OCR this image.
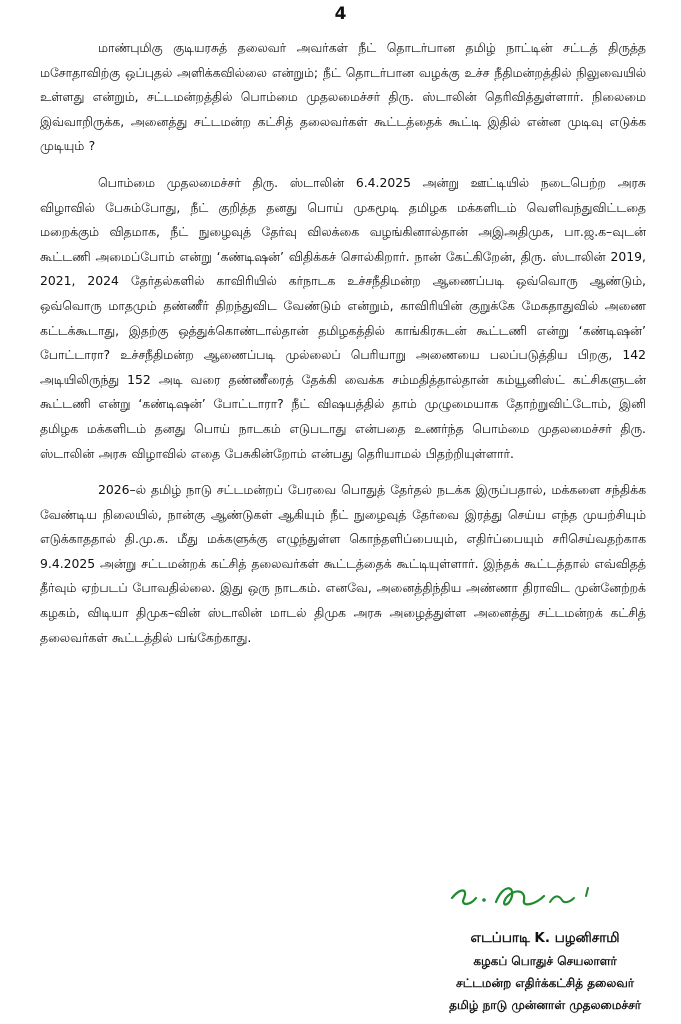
4

மாண்புமிகு குடியரசுத் தலைவர் அவர்கள் நீட் தொடர்பான தமிழ் நாட்டின் சட்டத் திருத்த மசோதாவிற்கு ஒப்புதல் அளிக்கவில்லை என்றும்; நீட் தொடர்பான வழக்கு உச்ச நீதிமன்றத்தில் நிலுவையில் உள்ளது என்றும், சட்டமன்றத்தில் பொம்மை முதலமைச்சர் திரு. ஸ்டாலின் தெரிவித்துள்ளார். நிலைமை இவ்வாறிருக்க, அனைத்து சட்டமன்ற கட்சித் தலைவர்கள் கூட்டத்தைக் கூட்டி இதில் என்ன முடிவு எடுக்க முடியும் ?

பொம்மை முதலமைச்சர் திரு. ஸ்டாலின் 6.4.2025 அன்று ஊட்டியில் நடைபெற்ற அரசு விழாவில் பேசும்போது, நீட் குறித்த தனது பொய் முகமூடி தமிழக மக்களிடம் வெளிவந்துவிட்டதை மறைக்கும் விதமாக, நீட் நுழைவுத் தேர்வு விலக்கை வழங்கினால்தான் அஇஅதிமுக, பா.ஜ.க–வுடன் கூட்டணி அமைப்போம் என்று ‘கண்டிஷன்’ விதிக்கச் சொல்கிறார். நான் கேட்கிறேன், திரு. ஸ்டாலின் 2019, 2021, 2024 தேர்தல்களில் காவிரியில் கர்நாடக உச்சநீதிமன்ற ஆணைப்படி ஒவ்வொரு ஆண்டும், ஒவ்வொரு மாதமும் தண்ணீர் திறந்துவிட வேண்டும் என்றும், காவிரியின் குறுக்கே மேகதாதுவில் அணை கட்டக்கூடாது, இதற்கு ஒத்துக்கொண்டால்தான் தமிழகத்தில் காங்கிரசுடன் கூட்டணி என்று ‘கண்டிஷன்’ போட்டாரா? உச்சநீதிமன்ற ஆணைப்படி முல்லைப் பெரியாறு அணையை பலப்படுத்திய பிறகு, 142 அடியிலிருந்து 152 அடி வரை தண்ணீரைத் தேக்கி வைக்க சம்மதித்தால்தான் கம்யூனிஸ்ட் கட்சிகளுடன் கூட்டணி என்று ‘கண்டிஷன்’ போட்டாரா? நீட் விஷயத்தில் தாம் முழுமையாக தோற்றுவிட்டோம், இனி தமிழக மக்களிடம் தனது பொய் நாடகம் எடுபடாது என்பதை உணர்ந்த பொம்மை முதலமைச்சர் திரு. ஸ்டாலின் அரசு விழாவில் எதை பேசுகின்றோம் என்பது தெரியாமல் பிதற்றியுள்ளார்.

2026–ல் தமிழ் நாடு சட்டமன்றப் பேரவை பொதுத் தேர்தல் நடக்க இருப்பதால், மக்களை சந்திக்க வேண்டிய நிலையில், நான்கு ஆண்டுகள் ஆகியும் நீட் நுழைவுத் தேர்வை இரத்து செய்ய எந்த முயற்சியும் எடுக்காததால் தி.மு.க. மீது மக்களுக்கு எழுந்துள்ள கொந்தளிப்பையும், எதிர்ப்பையும் சரிசெய்வதற்காக 9.4.2025 அன்று சட்டமன்றக் கட்சித் தலைவர்கள் கூட்டத்தைக் கூட்டியுள்ளார். இந்தக் கூட்டத்தால் எவ்விதத் தீர்வும் ஏற்படப் போவதில்லை. இது ஒரு நாடகம். எனவே, அனைத்திந்திய அண்ணா திராவிட முன்னேற்றக் கழகம், விடியா திமுக–வின் ஸ்டாலின் மாடல் திமுக அரசு அழைத்துள்ள அனைத்து சட்டமன்றக் கட்சித் தலைவர்கள் கூட்டத்தில் பங்கேற்காது.

எடப்பாடி K. பழனிசாமி
கழகப் பொதுச் செயலாளர்
சட்டமன்ற எதிர்க்கட்சித் தலைவர்
தமிழ் நாடு முன்னாள் முதலமைச்சர்
